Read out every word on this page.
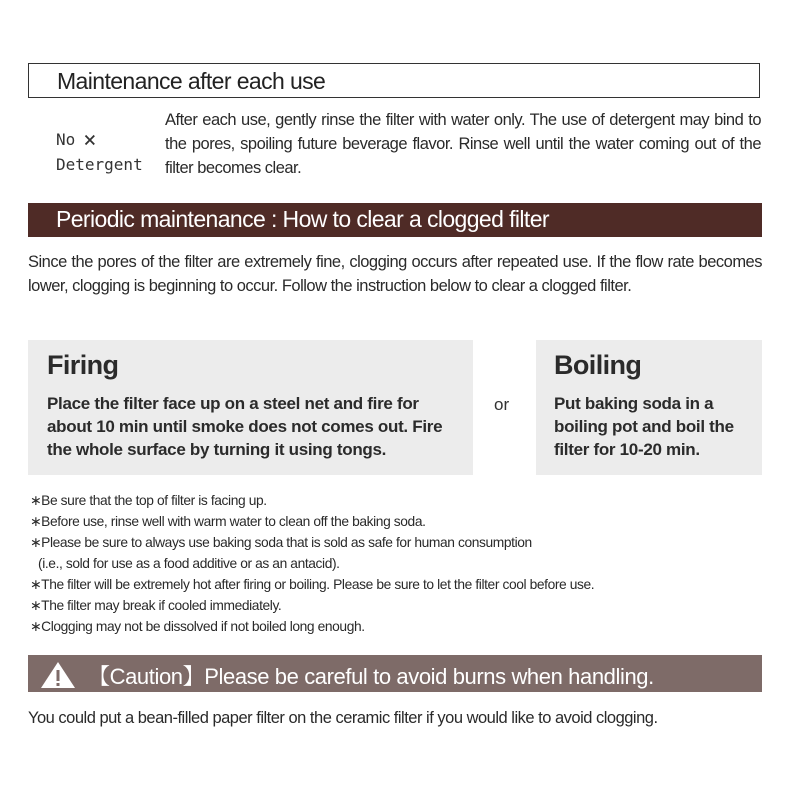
Maintenance after each use
No ×
Detergent
After each use, gently rinse the filter with water only. The use of detergent may bind to the pores, spoiling future beverage flavor. Rinse well until the water coming out of the filter becomes clear.
Periodic maintenance : How to clear a clogged filter
Since the pores of the filter are extremely fine, clogging occurs after repeated use. If the flow rate becomes lower, clogging is beginning to occur. Follow the instruction below to clear a clogged filter.
Firing

Place the filter face up on a steel net and fire for about 10 min until smoke does not comes out. Fire the whole surface by turning it using tongs.

or
Boiling

Put baking soda in a boiling pot and boil the filter for 10-20 min.

∗Be sure that the top of filter is facing up.
∗Before use, rinse well with warm water to clean off the baking soda.
∗Please be sure to always use baking soda that is sold as safe for human consumption
(i.e., sold for use as a food additive or as an antacid).
∗The filter will be extremely hot after firing or boiling. Please be sure to let the filter cool before use.
∗The filter may break if cooled immediately.
∗Clogging may not be dissolved if not boiled long enough.
【Caution】Please be careful to avoid burns when handling.
You could put a bean-filled paper filter on the ceramic filter if you would like to avoid clogging.
